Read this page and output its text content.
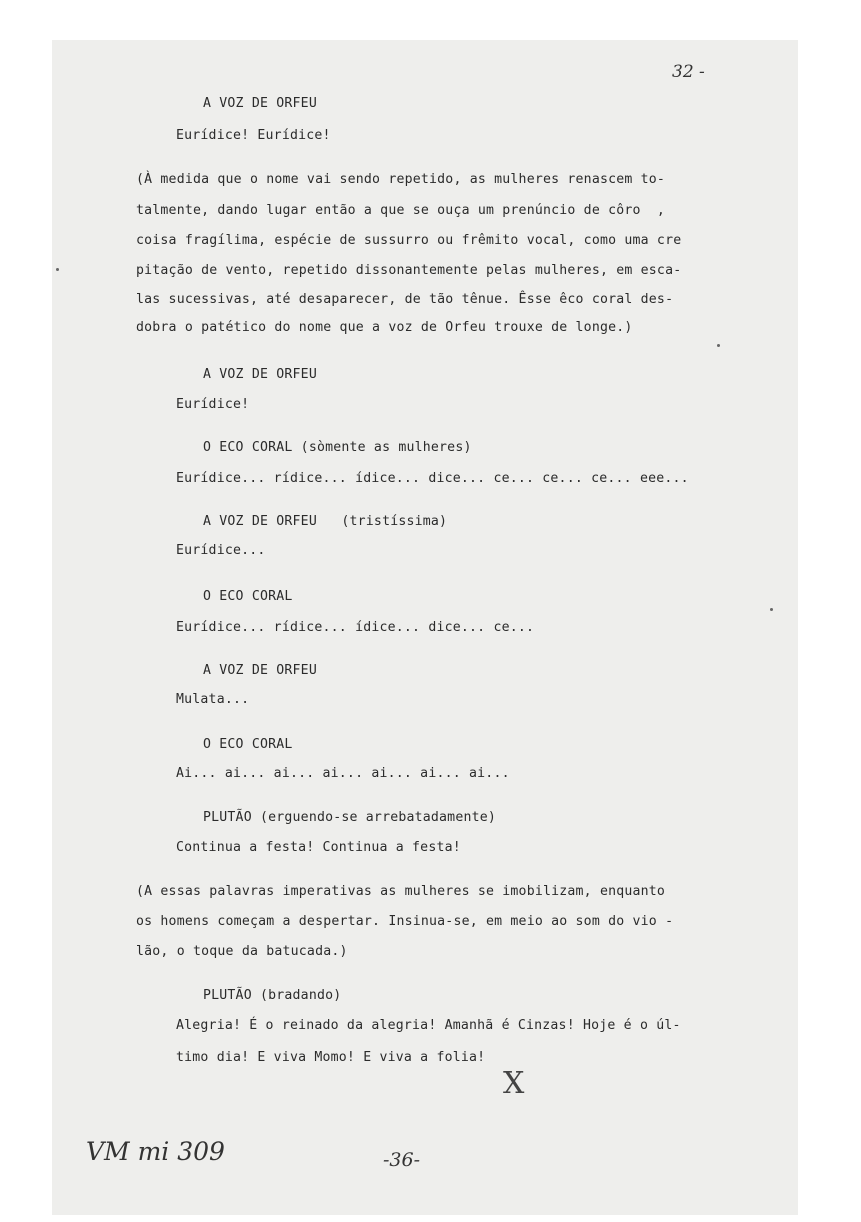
32 -

A VOZ DE ORFEU

Eurídice! Eurídice!

(À medida que o nome vai sendo repetido, as mulheres renascem to-

talmente, dando lugar então a que se ouça um prenúncio de côro  ,

coisa fragílima, espécie de sussurro ou frêmito vocal, como uma cre

pitação de vento, repetido dissonantemente pelas mulheres, em esca-

las sucessivas, até desaparecer, de tão tênue. Êsse êco coral des-

dobra o patético do nome que a voz de Orfeu trouxe de longe.)

A VOZ DE ORFEU

Eurídice!

O ECO CORAL (sòmente as mulheres)

Eurídice... rídice... ídice... dice... ce... ce... ce... eee...

A VOZ DE ORFEU   (tristíssima)

Eurídice...

O ECO CORAL

Eurídice... rídice... ídice... dice... ce...

A VOZ DE ORFEU

Mulata...

O ECO CORAL

Ai... ai... ai... ai... ai... ai... ai...

PLUTÃO (erguendo-se arrebatadamente)

Continua a festa! Continua a festa!

(A essas palavras imperativas as mulheres se imobilizam, enquanto

os homens começam a despertar. Insinua-se, em meio ao som do vio -

lão, o toque da batucada.)

PLUTÃO (bradando)

Alegria! É o reinado da alegria! Amanhã é Cinzas! Hoje é o úl-

timo dia! E viva Momo! E viva a folia!

X
VM mi 309	-36-
